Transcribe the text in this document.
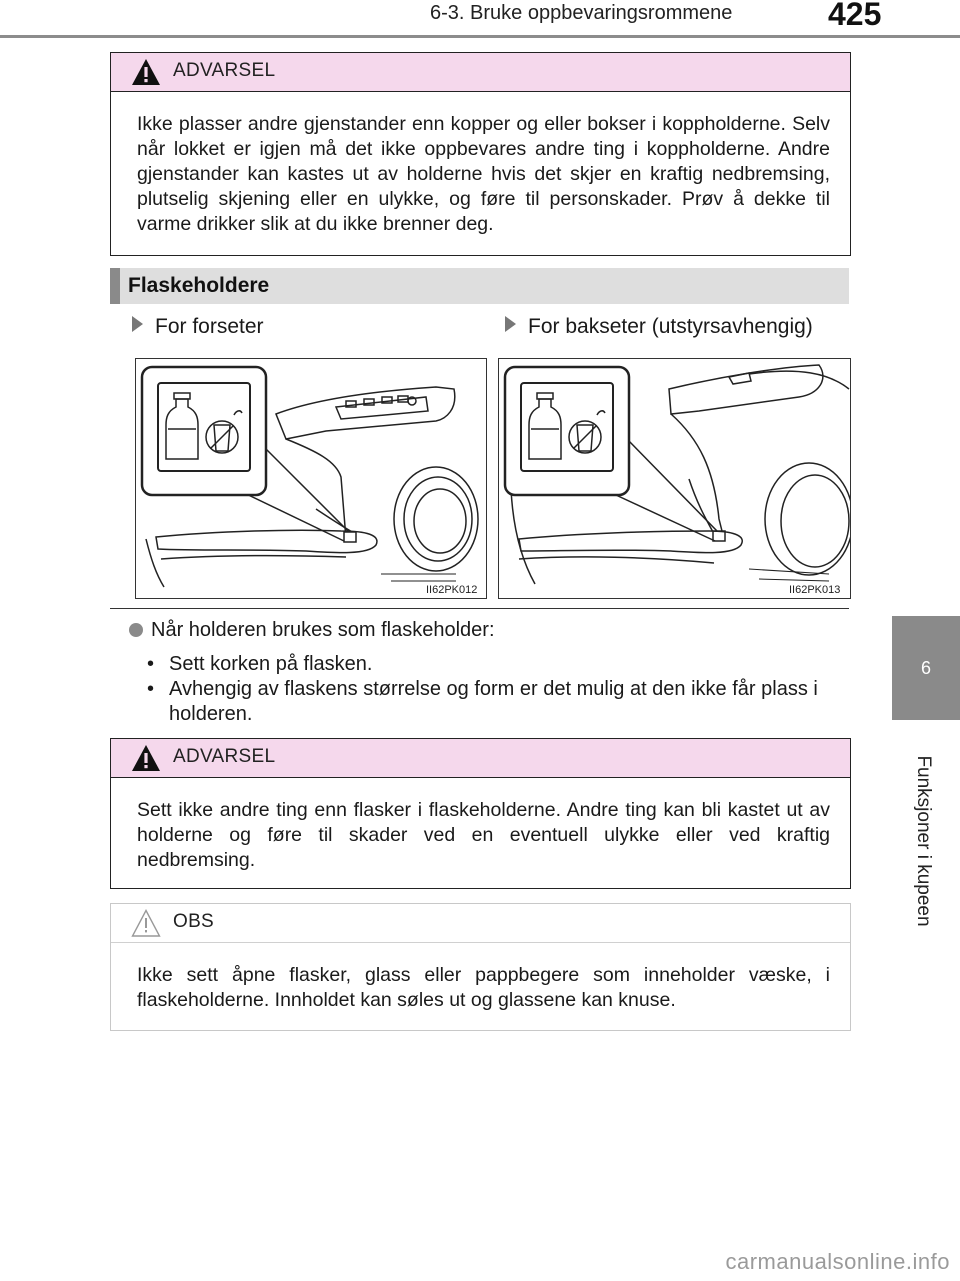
6-3. Bruke oppbevaringsrommene	425
6
Funksjoner i kupeen
ADVARSEL
Ikke plasser andre gjenstander enn kopper og eller bokser i koppholderne. Selv når lokket er igjen må det ikke oppbevares andre ting i koppholderne. Andre gjenstander kan kastes ut av holderne hvis det skjer en kraftig nedbremsing, plutselig skjening eller en ulykke, og føre til personskader. Prøv å dekke til varme drikker slik at du ikke brenner deg.
Flaskeholdere
For forseter	For bakseter (utstyrsavhengig)
II62PK012	II62PK013
Når holderen brukes som flaskeholder:
• Sett korken på flasken.
• Avhengig av flaskens størrelse og form er det mulig at den ikke får plass i holderen.
ADVARSEL
Sett ikke andre ting enn flasker i flaskeholderne. Andre ting kan bli kastet ut av holderne og føre til skader ved en eventuell ulykke eller ved kraftig nedbremsing.
OBS
Ikke sett åpne flasker, glass eller pappbegere som inneholder væske, i flaskeholderne. Innholdet kan søles ut og glassene kan knuse.
carmanualsonline.info
